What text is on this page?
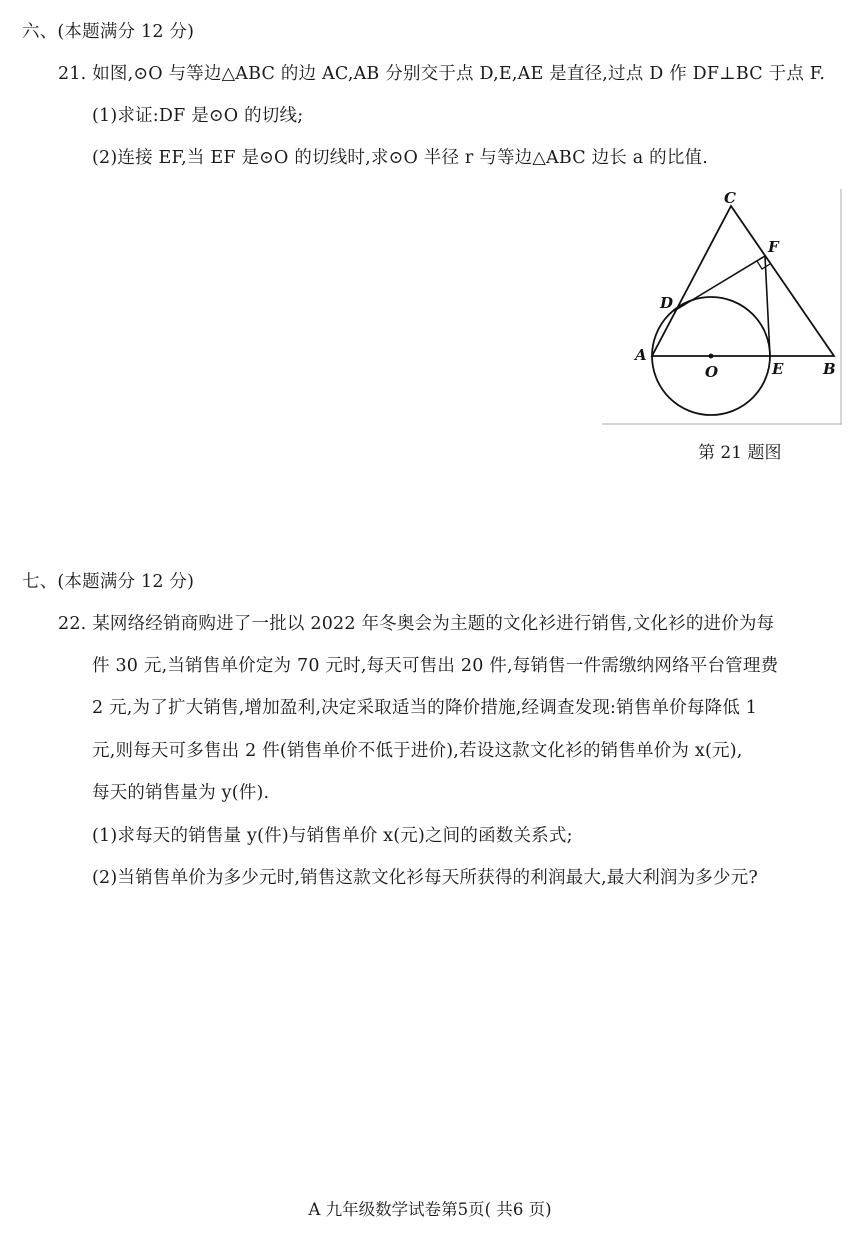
六、(本题满分 12 分)
21. 如图,⊙O 与等边△ABC 的边 AC,AB 分别交于点 D,E,AE 是直径,过点 D 作 DF⊥BC 于点 F.
(1)求证:DF 是⊙O 的切线;
(2)连接 EF,当 EF 是⊙O 的切线时,求⊙O 半径 r 与等边△ABC 边长 a 的比值.
C
F
D
A
O	E	B
第 21 题图
七、(本题满分 12 分)
22. 某网络经销商购进了一批以 2022 年冬奥会为主题的文化衫进行销售,文化衫的进价为每
件 30 元,当销售单价定为 70 元时,每天可售出 20 件,每销售一件需缴纳网络平台管理费
2 元,为了扩大销售,增加盈利,决定采取适当的降价措施,经调查发现:销售单价每降低 1
元,则每天可多售出 2 件(销售单价不低于进价),若设这款文化衫的销售单价为 x(元),
每天的销售量为 y(件).
(1)求每天的销售量 y(件)与销售单价 x(元)之间的函数关系式;
(2)当销售单价为多少元时,销售这款文化衫每天所获得的利润最大,最大利润为多少元?
A 九年级数学试卷第5页( 共6 页)
